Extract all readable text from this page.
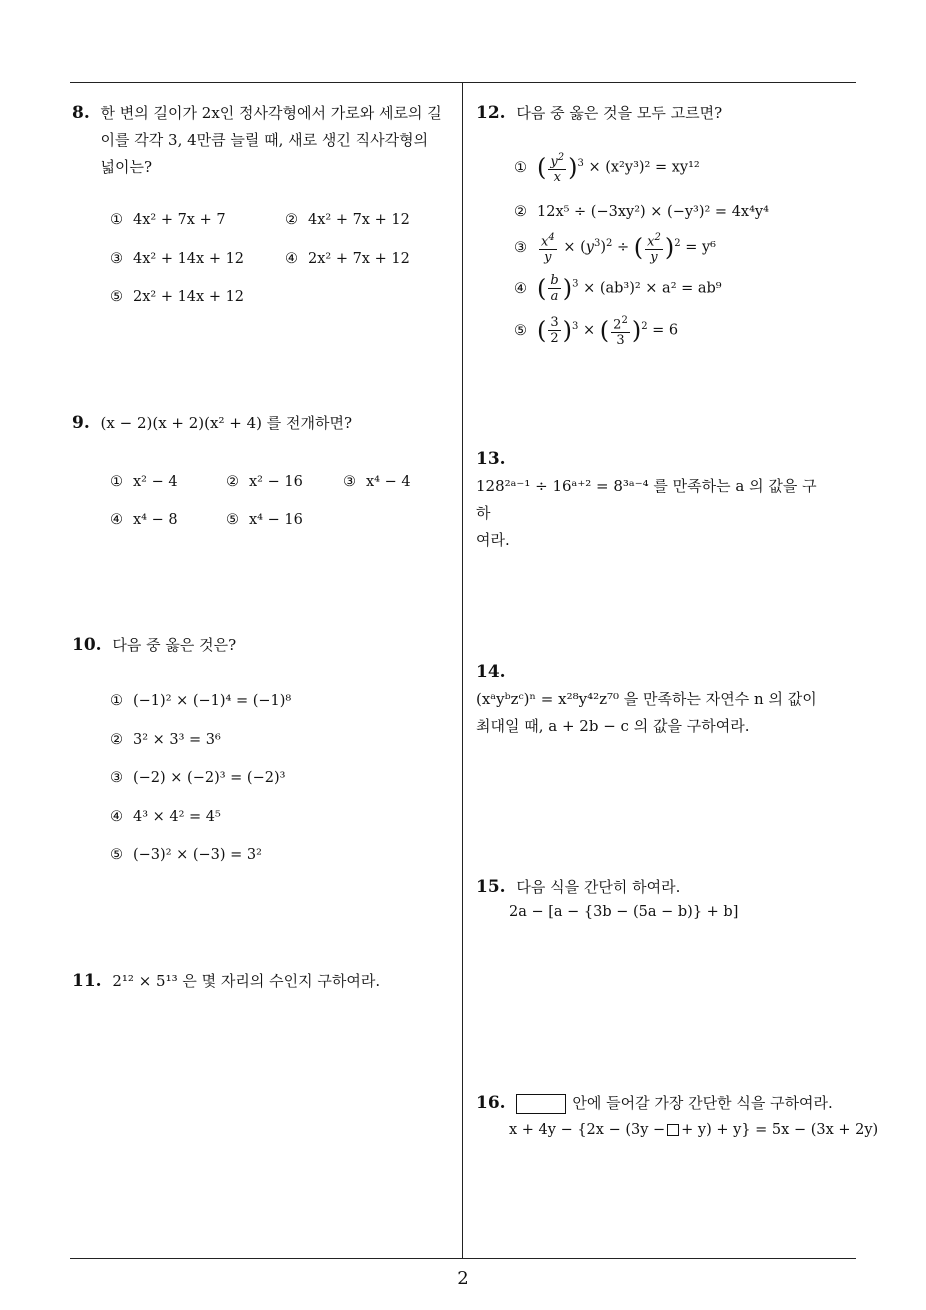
8. 한 변의 길이가 2x인 정사각형에서 가로와 세로의 길
이를 각각 3, 4만큼 늘릴 때, 새로 생긴 직사각형의
넓이는?
① 4x² + 7x + 7	② 4x² + 7x + 12
③ 4x² + 14x + 12	④ 2x² + 7x + 12
⑤ 2x² + 14x + 12
9. (x − 2)(x + 2)(x² + 4) 를 전개하면?
① x² − 4	② x² − 16	③ x⁴ − 4
④ x⁴ − 8	⑤ x⁴ − 16
10. 다음 중 옳은 것은?
① (−1)² × (−1)⁴ = (−1)⁸
② 3² × 3³ = 3⁶
③ (−2) × (−2)³ = (−2)³
④ 4³ × 4² = 4⁵
⑤ (−3)² × (−3) = 3²
11. 2¹² × 5¹³ 은 몇 자리의 수인지 구하여라.
12. 다음 중 옳은 것을 모두 고르면?
① ( $\frac{y^2}{x} )^3 \times (x^2y^3)^2 = xy^{12}$
② 12x⁵ ÷ (−3xy²) × (−y³)² = 4x⁴y⁴
③ $\frac{x^4}{y} \times (y^3)^2$ ÷ ( $\frac{x^2}{y} )^2 = y^6$
④ ( $\frac{b}{a} )^3 \times (ab^3)^2 \times a^2 = ab^9$
⑤ ( $\frac{3}{2} )^3$ × ( $\frac{2^2}{3} )^2 = 6$
13. 128²ᵃ⁻¹ ÷ 16ᵃ⁺² = 8³ᵃ⁻⁴ 를 만족하는 a 의 값을 구하
여라.
14. (xᵃyᵇzᶜ)ⁿ = x²⁸y⁴²z⁷⁰ 을 만족하는 자연수 n 의 값이
최대일 때, a + 2b − c 의 값을 구하여라.
15. 다음 식을 간단히 하여라.
2a − [a − {3b − (5a − b)} + b]
16.	안에 들어갈 가장 간단한 식을 구하여라.
x + 4y − {2x − (3y − + y) + y} = 5x − (3x + 2y)
2
